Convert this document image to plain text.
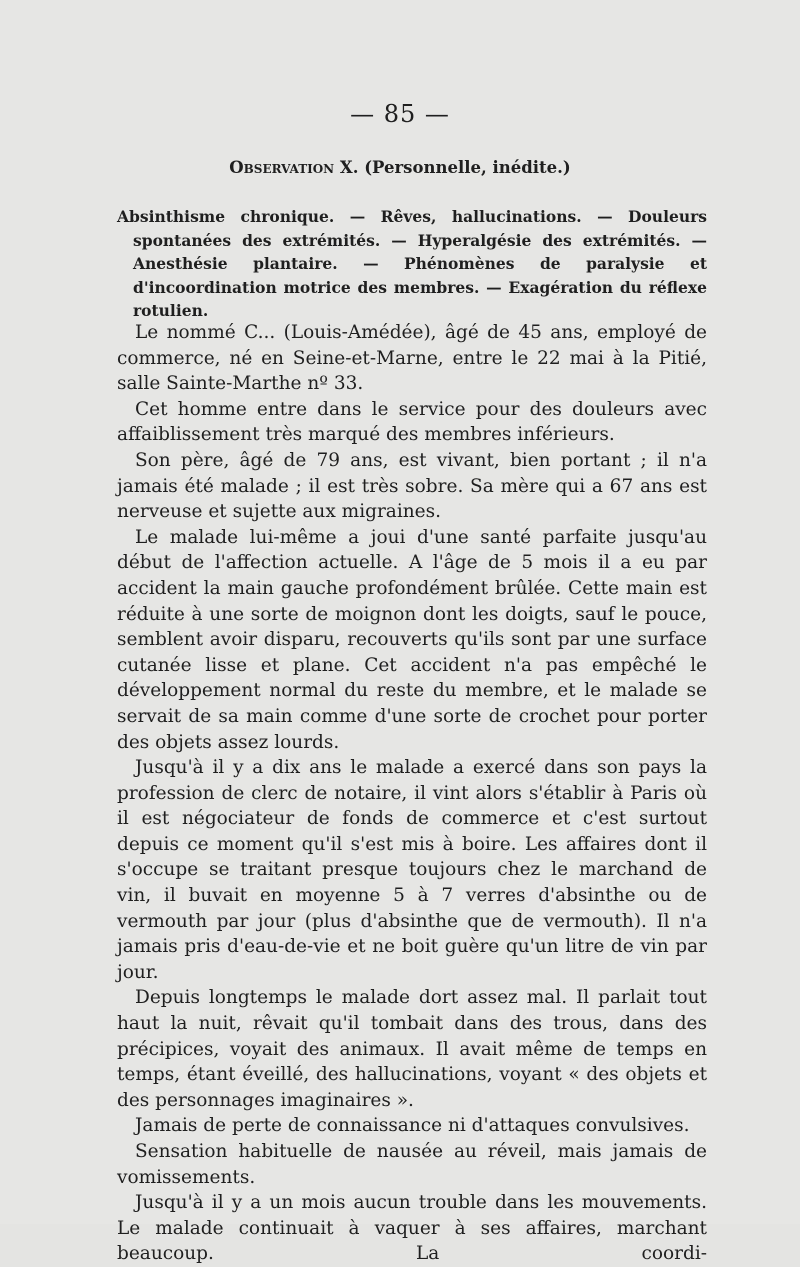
— 85 —
Observation X. (Personnelle, inédite.)

Absinthisme chronique. — Rêves, hallucinations. — Douleurs spontanées des extrémités. — Hyperalgésie des extrémités. — Anesthésie plantaire. — Phénomènes de paralysie et d'incoordination motrice des membres. — Exagération du réflexe rotulien.

Le nommé C... (Louis-Amédée), âgé de 45 ans, employé de commerce, né en Seine-et-Marne, entre le 22 mai à la Pitié, salle Sainte-Marthe nº 33.

Cet homme entre dans le service pour des douleurs avec affaiblissement très marqué des membres inférieurs.

Son père, âgé de 79 ans, est vivant, bien portant ; il n'a jamais été malade ; il est très sobre. Sa mère qui a 67 ans est nerveuse et sujette aux migraines.

Le malade lui-même a joui d'une santé parfaite jusqu'au début de l'affection actuelle. A l'âge de 5 mois il a eu par accident la main gauche profondément brûlée. Cette main est réduite à une sorte de moignon dont les doigts, sauf le pouce, semblent avoir disparu, recouverts qu'ils sont par une surface cutanée lisse et plane. Cet accident n'a pas empêché le développement normal du reste du membre, et le malade se servait de sa main comme d'une sorte de crochet pour porter des objets assez lourds.

Jusqu'à il y a dix ans le malade a exercé dans son pays la profession de clerc de notaire, il vint alors s'établir à Paris où il est négociateur de fonds de commerce et c'est surtout depuis ce moment qu'il s'est mis à boire. Les affaires dont il s'occupe se traitant presque toujours chez le marchand de vin, il buvait en moyenne 5 à 7 verres d'absinthe ou de vermouth par jour (plus d'absinthe que de vermouth). Il n'a jamais pris d'eau-de-vie et ne boit guère qu'un litre de vin par jour.

Depuis longtemps le malade dort assez mal. Il parlait tout haut la nuit, rêvait qu'il tombait dans des trous, dans des précipices, voyait des animaux. Il avait même de temps en temps, étant éveillé, des hallucinations, voyant « des objets et des personnages imaginaires ».

Jamais de perte de connaissance ni d'attaques convulsives.

Sensation habituelle de nausée au réveil, mais jamais de vomissements.

Jusqu'à il y a un mois aucun trouble dans les mouvements. Le malade continuait à vaquer à ses affaires, marchant beaucoup. La coordi-
